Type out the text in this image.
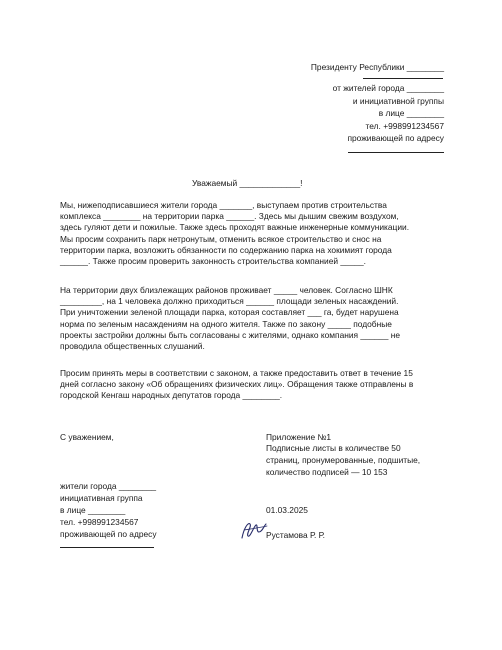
Президенту Республики ________
от жителей города ________
и инициативной группы
в лице ________
тел. +998991234567
проживающей по адресу
Уважаемый _____________!
Мы, нижеподписавшиеся жители города _______, выступаем против строительства
комплекса ________ на территории парка ______. Здесь мы дышим свежим воздухом,
здесь гуляют дети и пожилые. Также здесь проходят важные инженерные коммуникации.
Мы просим сохранить парк нетронутым, отменить всякое строительство и снос на
территории парка, возложить обязанности по содержанию парка на хокимият города
______. Также просим проверить законность строительства компанией _____.
На территории двух близлежащих районов проживает _____ человек. Согласно ШНК
_________, на 1 человека должно приходиться ______ площади зеленых насаждений.
При уничтожении зеленой площади парка, которая составляет ___ га, будет нарушена
норма по зеленым насаждениям на одного жителя. Также по закону _____ подобные
проекты застройки должны быть согласованы с жителями, однако компания ______ не
проводила общественных слушаний.
Просим принять меры в соответствии с законом, а также предоставить ответ в течение 15
дней согласно закону «Об обращениях физических лиц». Обращения также отправлены в
городской Кенгаш народных депутатов города ________.
С уважением,	Приложение №1
Подписные листы в количестве 50
страниц, пронумерованные, подшитые,
количество подписей — 10 153
жители города ________
инициативная группа
в лице ________
тел. +998991234567
проживающей по адресу
01.03.2025
Рустамова Р. Р.
